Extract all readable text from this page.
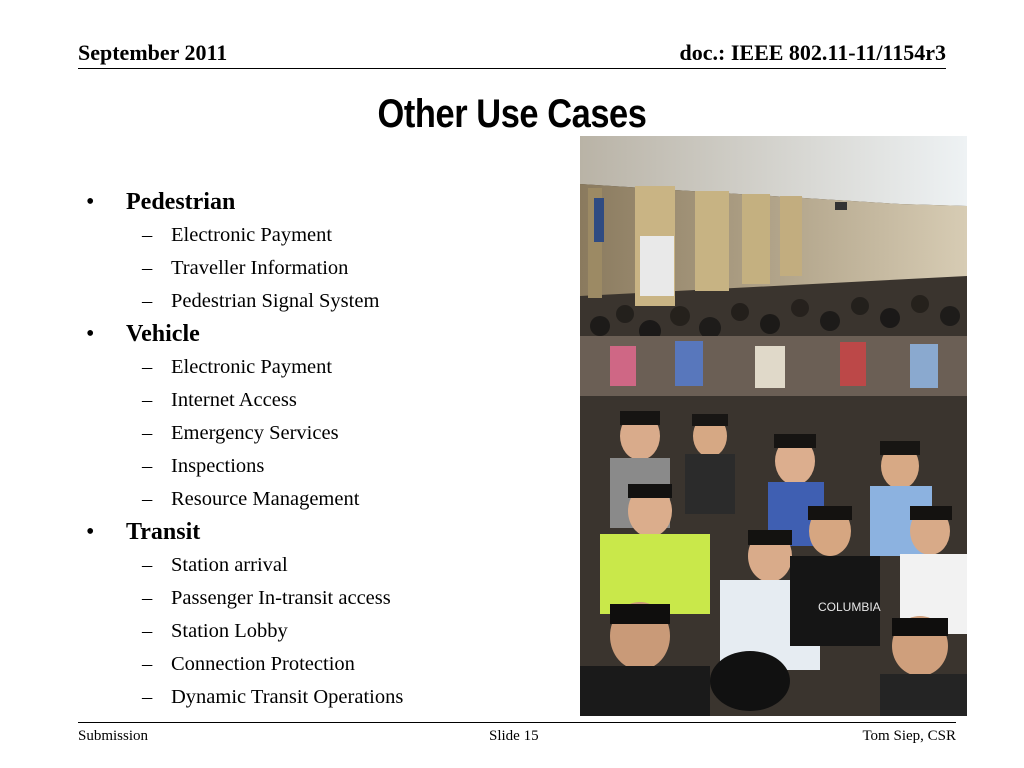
September 2011	doc.: IEEE 802.11-11/1154r3
Other Use Cases
• Pedestrian
– Electronic Payment
– Traveller Information
– Pedestrian Signal System
• Vehicle
– Electronic Payment
– Internet Access
– Emergency Services
– Inspections
– Resource Management
• Transit
– Station arrival
– Passenger In-transit access
– Station Lobby
– Connection Protection
– Dynamic Transit Operations
COLUMBIA
Submission	Slide 15	Tom Siep, CSR
